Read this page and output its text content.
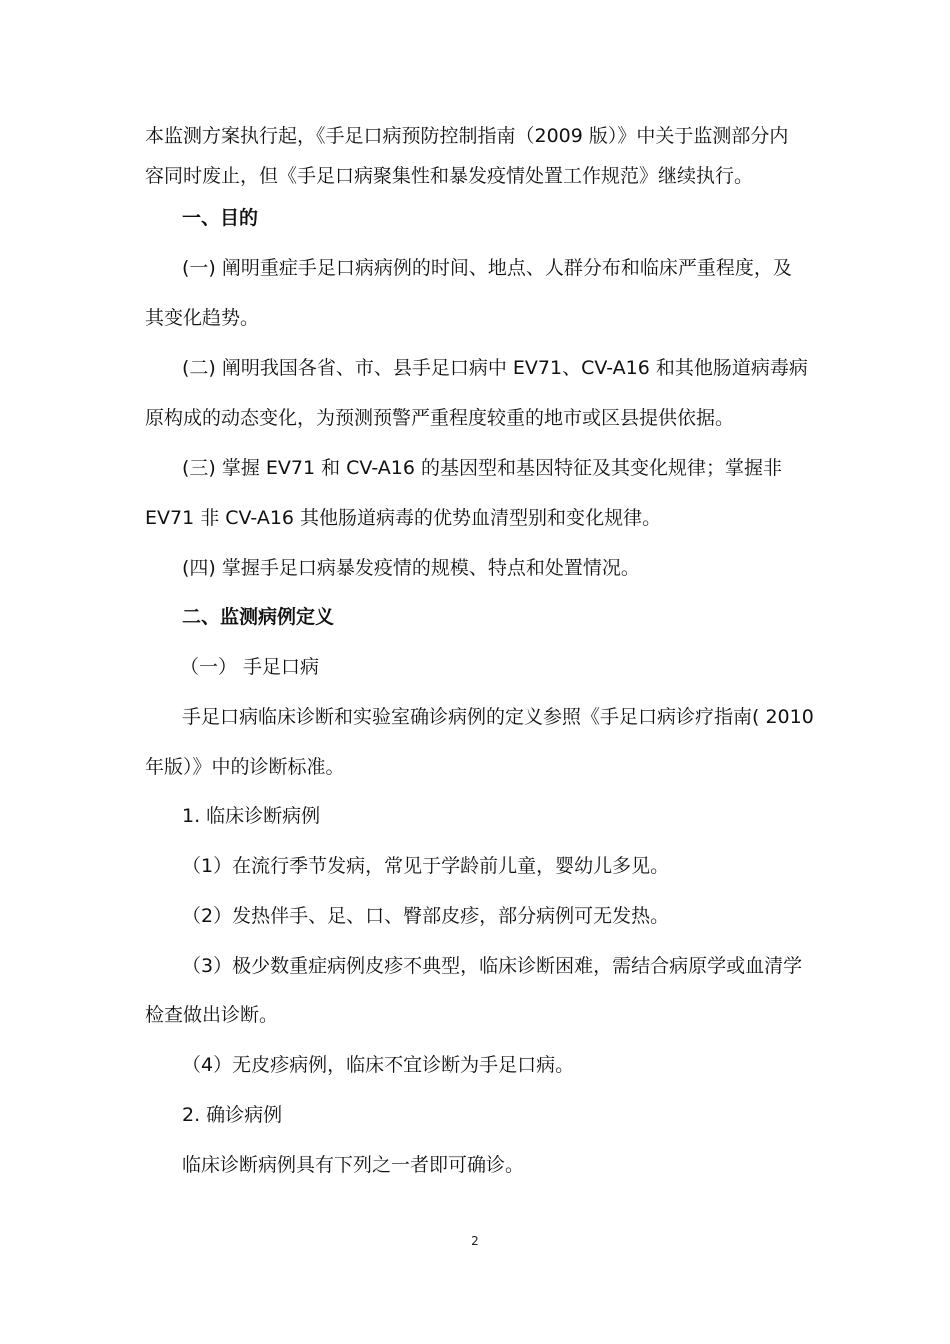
本监测方案执行起，《手足口病预防控制指南（2009 版）》中关于监测部分内
容同时废止，但《手足口病聚集性和暴发疫情处置工作规范》继续执行。
一、目的
(一) 阐明重症手足口病病例的时间、地点、人群分布和临床严重程度，及
其变化趋势。
(二) 阐明我国各省、市、县手足口病中 EV71、CV-A16 和其他肠道病毒病
原构成的动态变化，为预测预警严重程度较重的地市或区县提供依据。
(三) 掌握 EV71 和 CV-A16 的基因型和基因特征及其变化规律；掌握非
EV71 非 CV-A16 其他肠道病毒的优势血清型别和变化规律。
(四) 掌握手足口病暴发疫情的规模、特点和处置情况。
二、监测病例定义
（一） 手足口病
手足口病临床诊断和实验室确诊病例的定义参照《手足口病诊疗指南( 2010
年版）》中的诊断标准。
1. 临床诊断病例
（1）在流行季节发病，常见于学龄前儿童，婴幼儿多见。
（2）发热伴手、足、口、臀部皮疹，部分病例可无发热。
（3）极少数重症病例皮疹不典型，临床诊断困难，需结合病原学或血清学
检查做出诊断。
（4）无皮疹病例，临床不宜诊断为手足口病。
2. 确诊病例
临床诊断病例具有下列之一者即可确诊。
2
